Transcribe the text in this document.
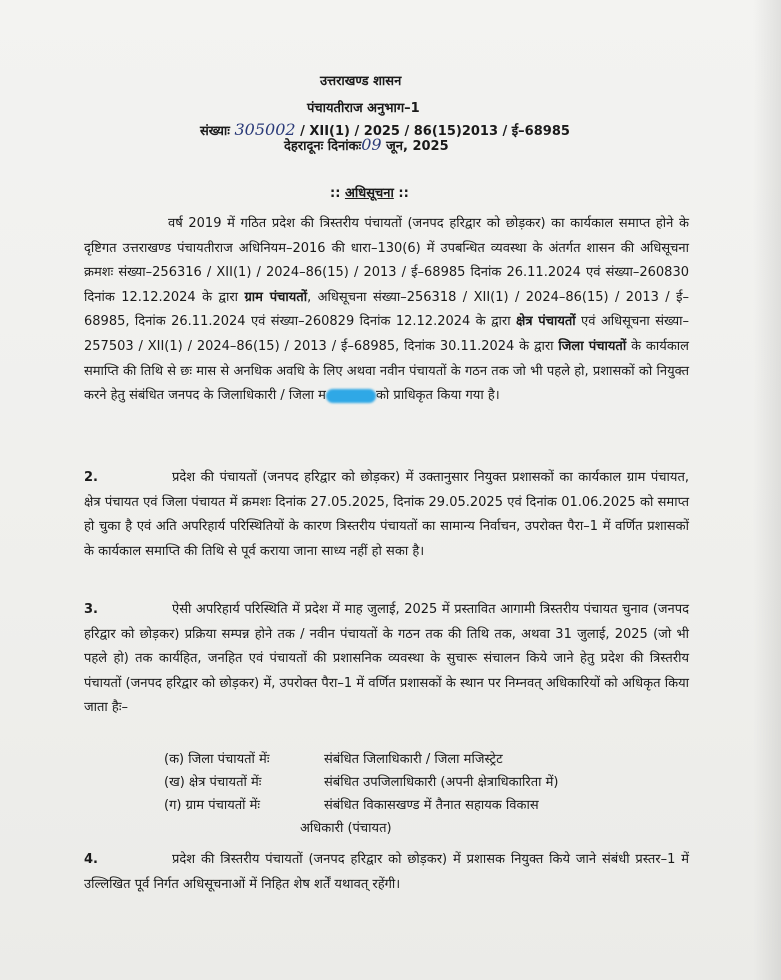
उत्तराखण्ड शासन
पंचायतीराज अनुभाग–1
संख्याः 305002 / XII(1) / 2025 / 86(15)2013 / ई–68985
देहरादूनः दिनांकः09 जून, 2025
:: अधिसूचना ::

वर्ष 2019 में गठित प्रदेश की त्रिस्तरीय पंचायतों (जनपद हरिद्वार को छोड़कर) का कार्यकाल समाप्त होने के दृष्टिगत उत्तराखण्ड पंचायतीराज अधिनियम–2016 की धारा–130(6) में उपबन्धित व्यवस्था के अंतर्गत शासन की अधिसूचना क्रमशः संख्या–256316 / XII(1) / 2024–86(15) / 2013 / ई–68985 दिनांक 26.11.2024 एवं संख्या–260830 दिनांक 12.12.2024 के द्वारा ग्राम पंचायतों, अधिसूचना संख्या–256318 / XII(1) / 2024–86(15) / 2013 / ई–68985, दिनांक 26.11.2024 एवं संख्या–260829 दिनांक 12.12.2024 के द्वारा क्षेत्र पंचायतों एवं अधिसूचना संख्या–257503 / XII(1) / 2024–86(15) / 2013 / ई–68985, दिनांक 30.11.2024 के द्वारा जिला पंचायतों के कार्यकाल समाप्ति की तिथि से छः मास से अनधिक अवधि के लिए अथवा नवीन पंचायतों के गठन तक जो भी पहले हो, प्रशासकों को नियुक्त करने हेतु संबंधित जनपद के जिलाधिकारी / जिला म	को प्राधिकृत किया गया है।

2.	प्रदेश की पंचायतों (जनपद हरिद्वार को छोड़कर) में उक्तानुसार नियुक्त प्रशासकों का कार्यकाल ग्राम पंचायत, क्षेत्र पंचायत एवं जिला पंचायत में क्रमशः दिनांक 27.05.2025, दिनांक 29.05.2025 एवं दिनांक 01.06.2025 को समाप्त हो चुका है एवं अति अपरिहार्य परिस्थितियों के कारण त्रिस्तरीय पंचायतों का सामान्य निर्वाचन, उपरोक्त पैरा–1 में वर्णित प्रशासकों के कार्यकाल समाप्ति की तिथि से पूर्व कराया जाना साध्य नहीं हो सका है।

3.	ऐसी अपरिहार्य परिस्थिति में प्रदेश में माह जुलाई, 2025 में प्रस्तावित आगामी त्रिस्तरीय पंचायत चुनाव (जनपद हरिद्वार को छोड़कर) प्रक्रिया सम्पन्न होने तक / नवीन पंचायतों के गठन तक की तिथि तक, अथवा 31 जुलाई, 2025 (जो भी पहले हो) तक कार्यहित, जनहित एवं पंचायतों की प्रशासनिक व्यवस्था के सुचारू संचालन किये जाने हेतु प्रदेश की त्रिस्तरीय पंचायतों (जनपद हरिद्वार को छोड़कर) में, उपरोक्त पैरा–1 में वर्णित प्रशासकों के स्थान पर निम्नवत् अधिकारियों को अधिकृत किया जाता हैः–

(क) जिला पंचायतों मेंः	संबंधित जिलाधिकारी / जिला मजिस्ट्रेट
(ख) क्षेत्र पंचायतों मेंः	संबंधित उपजिलाधिकारी (अपनी क्षेत्राधिकारिता में)
(ग) ग्राम पंचायतों मेंः	संबंधित विकासखण्ड में तैनात सहायक विकास
अधिकारी (पंचायत)

4.	प्रदेश की त्रिस्तरीय पंचायतों (जनपद हरिद्वार को छोड़कर) में प्रशासक नियुक्त किये जाने संबंधी प्रस्तर–1 में उल्लिखित पूर्व निर्गत अधिसूचनाओं में निहित शेष शर्तें यथावत् रहेंगी।
